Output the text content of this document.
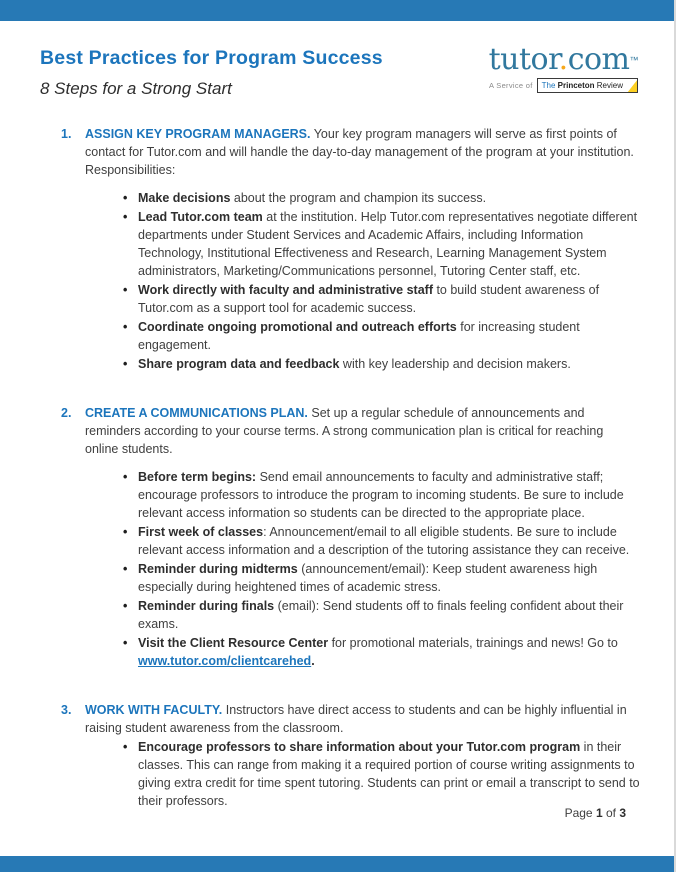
Best Practices for Program Success
8 Steps for a Strong Start
tutor.com™
A Service of	The Princeton Review
1. ASSIGN KEY PROGRAM MANAGERS. Your key program managers will serve as first points of contact for Tutor.com and will handle the day-to-day management of the program at your institution. Responsibilities:
• Make decisions about the program and champion its success.
• Lead Tutor.com team at the institution. Help Tutor.com representatives negotiate different departments under Student Services and Academic Affairs, including Information Technology, Institutional Effectiveness and Research, Learning Management System administrators, Marketing/Communications personnel, Tutoring Center staff, etc.
• Work directly with faculty and administrative staff to build student awareness of Tutor.com as a support tool for academic success.
• Coordinate ongoing promotional and outreach efforts for increasing student engagement.
• Share program data and feedback with key leadership and decision makers.
2. CREATE A COMMUNICATIONS PLAN. Set up a regular schedule of announcements and reminders according to your course terms. A strong communication plan is critical for reaching online students.
• Before term begins: Send email announcements to faculty and administrative staff; encourage professors to introduce the program to incoming students. Be sure to include relevant access information so students can be directed to the appropriate place.
• First week of classes: Announcement/email to all eligible students. Be sure to include relevant access information and a description of the tutoring assistance they can receive.
• Reminder during midterms (announcement/email): Keep student awareness high especially during heightened times of academic stress.
• Reminder during finals (email): Send students off to finals feeling confident about their exams.
• Visit the Client Resource Center for promotional materials, trainings and news! Go to www.tutor.com/clientcarehed.
3. WORK WITH FACULTY. Instructors have direct access to students and can be highly influential in raising student awareness from the classroom.
• Encourage professors to share information about your Tutor.com program in their classes. This can range from making it a required portion of course writing assignments to giving extra credit for time spent tutoring. Students can print or email a transcript to send to their professors.
Page 1 of 3
